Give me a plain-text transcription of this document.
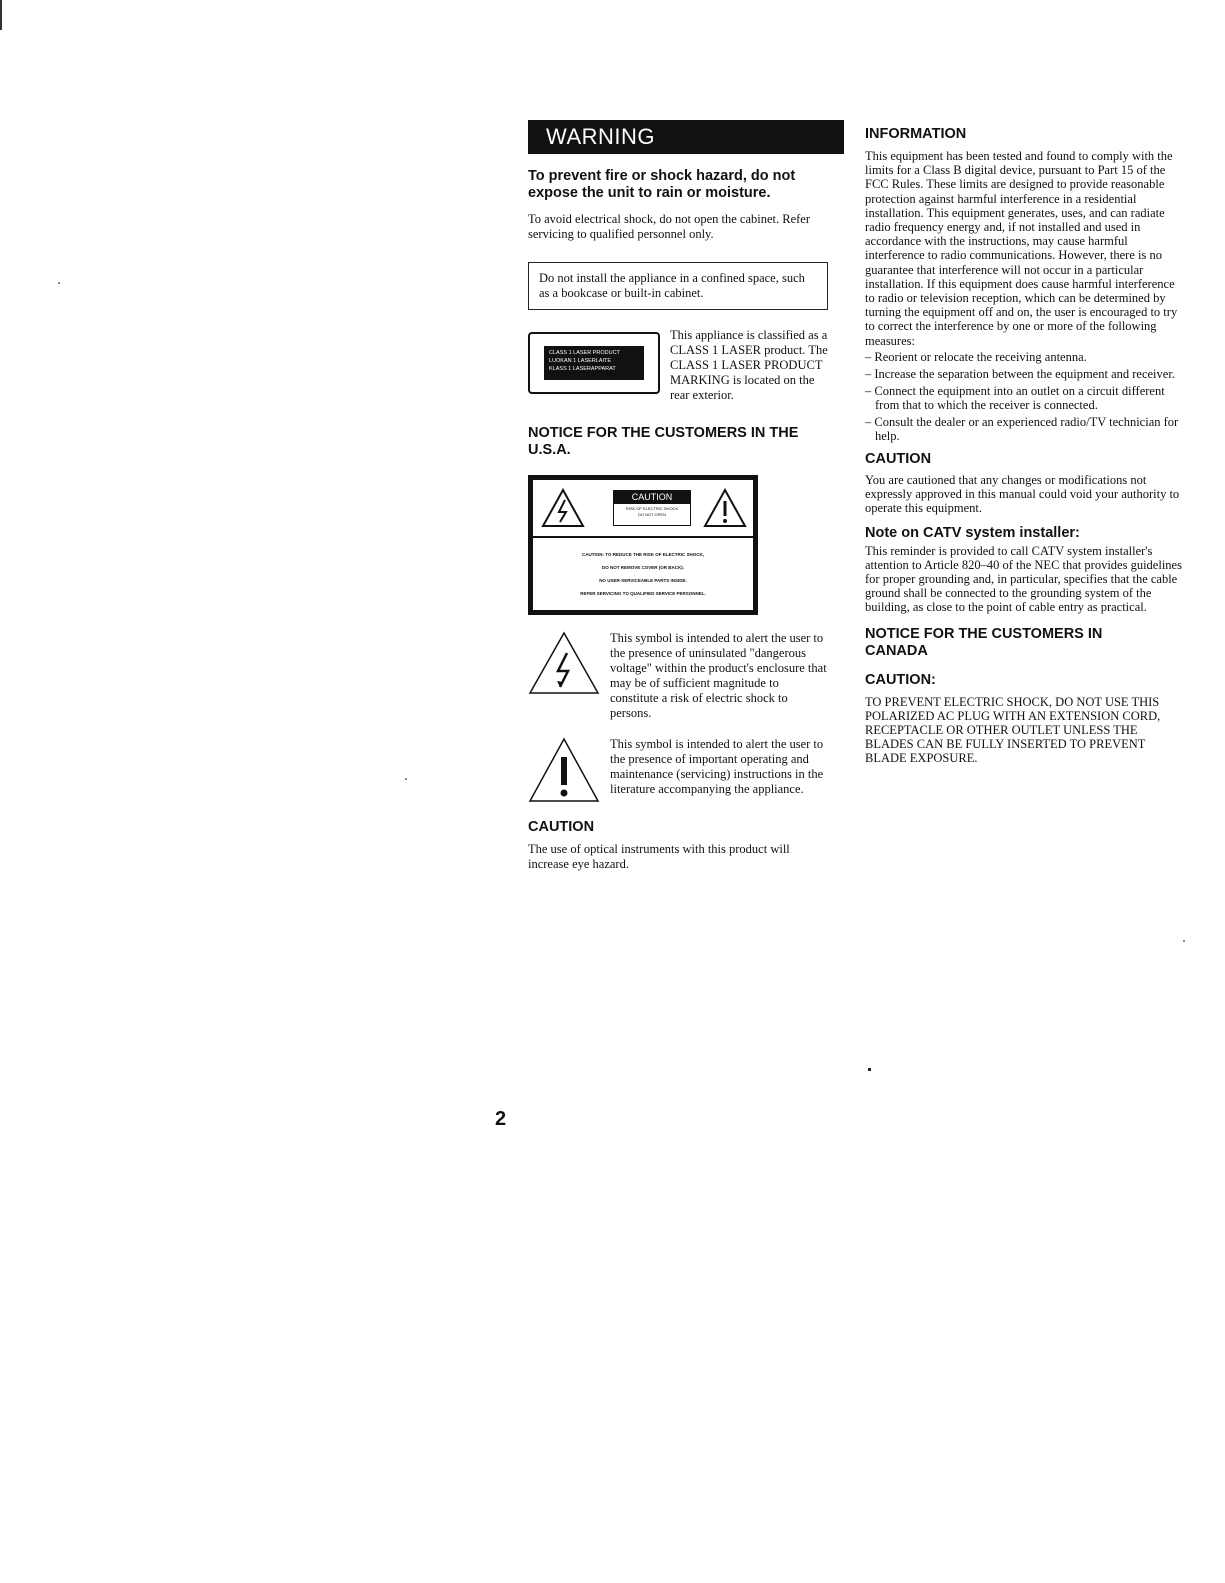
WARNING

To prevent fire or shock hazard, do not expose the unit to rain or moisture.

To avoid electrical shock, do not open the cabinet. Refer servicing to qualified personnel only.

Do not install the appliance in a confined space, such as a bookcase or built-in cabinet.
CLASS 1 LASER PRODUCT
LUOKAN 1 LASERLAITE
KLASS 1 LASERAPPARAT
This appliance is classified as a CLASS 1 LASER product. The CLASS 1 LASER PRODUCT MARKING is located on the rear exterior.

NOTICE FOR THE CUSTOMERS IN THE U.S.A.

CAUTION
RISK OF ELECTRIC SHOCK
DO NOT OPEN
CAUTION: TO REDUCE THE RISK OF ELECTRIC SHOCK,
DO NOT REMOVE COVER (OR BACK).
NO USER-SERVICEABLE PARTS INSIDE.
REFER SERVICING TO QUALIFIED SERVICE PERSONNEL.
This symbol is intended to alert the user to the presence of uninsulated "dangerous voltage" within the product's enclosure that may be of sufficient magnitude to constitute a risk of electric shock to persons.
This symbol is intended to alert the user to the presence of important operating and maintenance (servicing) instructions in the literature accompanying the appliance.

CAUTION

The use of optical instruments with this product will increase eye hazard.

INFORMATION

This equipment has been tested and found to comply with the limits for a Class B digital device, pursuant to Part 15 of the FCC Rules. These limits are designed to provide reasonable protection against harmful interference in a residential installation. This equipment generates, uses, and can radiate radio frequency energy and, if not installed and used in accordance with the instructions, may cause harmful interference to radio communications. However, there is no guarantee that interference will not occur in a particular installation. If this equipment does cause harmful interference to radio or television reception, which can be determined by turning the equipment off and on, the user is encouraged to try to correct the interference by one or more of the following measures:

– Reorient or relocate the receiving antenna.
– Increase the separation between the equipment and receiver.
– Connect the equipment into an outlet on a circuit different from that to which the receiver is connected.
– Consult the dealer or an experienced radio/TV technician for help.

CAUTION

You are cautioned that any changes or modifications not expressly approved in this manual could void your authority to operate this equipment.

Note on CATV system installer:

This reminder is provided to call CATV system installer's attention to Article 820–40 of the NEC that provides guidelines for proper grounding and, in particular, specifies that the cable ground shall be connected to the grounding system of the building, as close to the point of cable entry as practical.

NOTICE FOR THE CUSTOMERS IN CANADA

CAUTION:

TO PREVENT ELECTRIC SHOCK, DO NOT USE THIS POLARIZED AC PLUG WITH AN EXTENSION CORD, RECEPTACLE OR OTHER OUTLET UNLESS THE BLADES CAN BE FULLY INSERTED TO PREVENT BLADE EXPOSURE.

2
